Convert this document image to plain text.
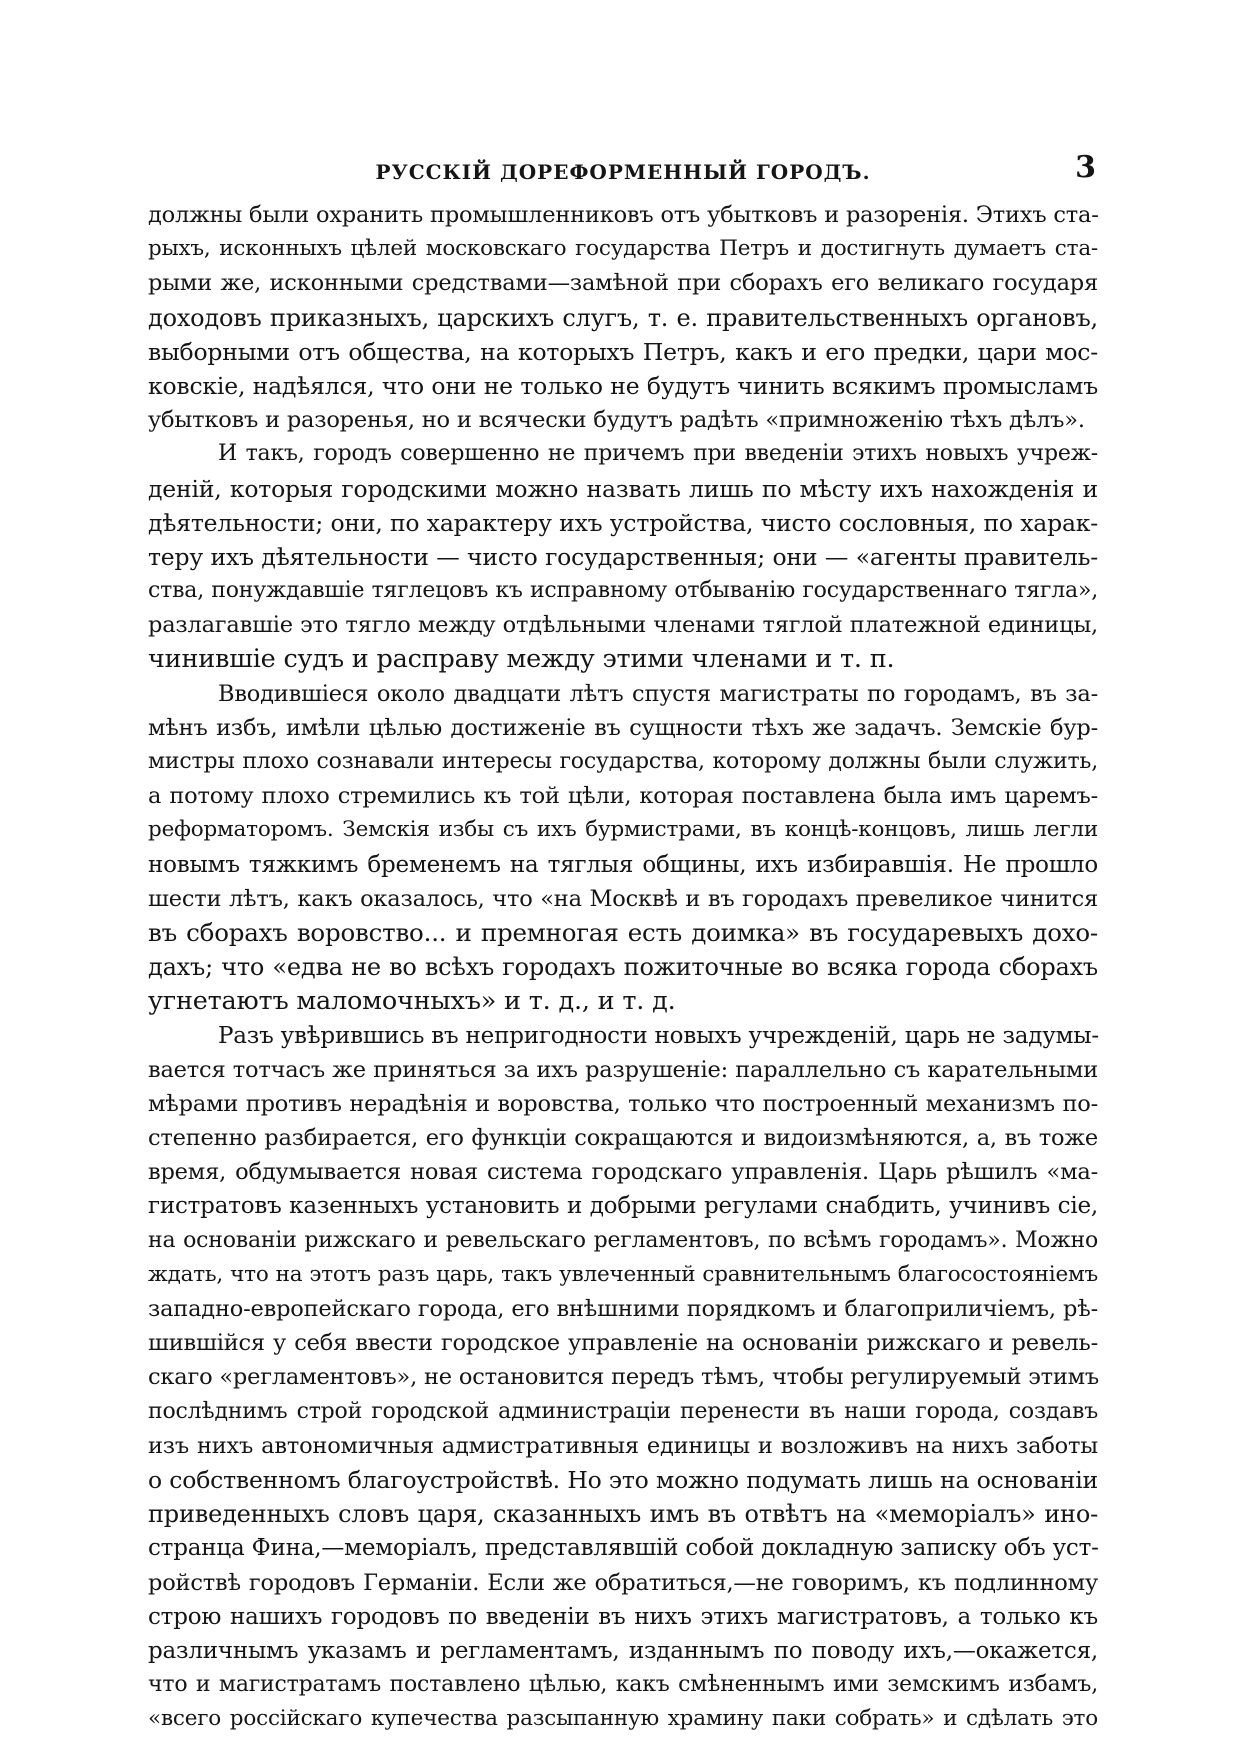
РУССКІЙ ДОРЕФОРМЕННЫЙ ГОРОДЪ.	3
должны были охранить промышленниковъ отъ убытковъ и разоренія. Этихъ ста-
рыхъ, исконныхъ цѣлей московскаго государства Петръ и достигнуть думаетъ ста-
рыми же, исконными средствами—замѣной при сборахъ его великаго государя
доходовъ приказныхъ, царскихъ слугъ, т. е. правительственныхъ органовъ,
выборными отъ общества, на которыхъ Петръ, какъ и его предки, цари мос-
ковскіе, надѣялся, что они не только не будутъ чинить всякимъ промысламъ
убытковъ и разоренья, но и всячески будутъ радѣть «примноженію тѣхъ дѣлъ».
И такъ, городъ совершенно не причемъ при введеніи этихъ новыхъ учреж-
деній, которыя городскими можно назвать лишь по мѣсту ихъ нахожденія и
дѣятельности; они, по характеру ихъ устройства, чисто сословныя, по харак-
теру ихъ дѣятельности — чисто государственныя; они — «агенты правитель-
ства, понуждавшіе тяглецовъ къ исправному отбыванію государственнаго тягла»,
разлагавшіе это тягло между отдѣльными членами тяглой платежной единицы,
чинившіе судъ и расправу между этими членами и т. п.
Вводившіеся около двадцати лѣтъ спустя магистраты по городамъ, въ за-
мѣнъ избъ, имѣли цѣлью достиженіе въ сущности тѣхъ же задачъ. Земскіе бур-
мистры плохо сознавали интересы государства, которому должны были служить,
а потому плохо стремились къ той цѣли, которая поставлена была имъ царемъ-
реформаторомъ. Земскія избы съ ихъ бурмистрами, въ концѣ-концовъ, лишь легли
новымъ тяжкимъ бременемъ на тяглыя общины, ихъ избиравшія. Не прошло
шести лѣтъ, какъ оказалось, что «на Москвѣ и въ городахъ превеликое чинится
въ сборахъ воровство... и премногая есть доимка» въ государевыхъ дохо-
дахъ; что «едва не во всѣхъ городахъ пожиточные во всяка города сборахъ
угнетаютъ маломочныхъ» и т. д., и т. д.
Разъ увѣрившись въ непригодности новыхъ учрежденій, царь не задумы-
вается тотчасъ же приняться за ихъ разрушеніе: параллельно съ карательными
мѣрами противъ нерадѣнія и воровства, только что построенный механизмъ по-
степенно разбирается, его функціи сокращаются и видоизмѣняются, а, въ тоже
время, обдумывается новая система городскаго управленія. Царь рѣшилъ «ма-
гистратовъ казенныхъ установить и добрыми регулами снабдить, учинивъ сіе,
на основаніи рижскаго и ревельскаго регламентовъ, по всѣмъ городамъ». Можно
ждать, что на этотъ разъ царь, такъ увлеченный сравнительнымъ благосостояніемъ
западно-европейскаго города, его внѣшними порядкомъ и благоприличіемъ, рѣ-
шившійся у себя ввести городское управленіе на основаніи рижскаго и ревель-
скаго «регламентовъ», не остановится передъ тѣмъ, чтобы регулируемый этимъ
послѣднимъ строй городской администраціи перенести въ наши города, создавъ
изъ нихъ автономичныя адмистративныя единицы и возложивъ на нихъ заботы
о собственномъ благоустройствѣ. Но это можно подумать лишь на основаніи
приведенныхъ словъ царя, сказанныхъ имъ въ отвѣтъ на «меморіалъ» ино-
странца Фина,—меморіалъ, представлявшій собой докладную записку объ уст-
ройствѣ городовъ Германіи. Если же обратиться,—не говоримъ, къ подлинному
строю нашихъ городовъ по введеніи въ нихъ этихъ магистратовъ, а только къ
различнымъ указамъ и регламентамъ, изданнымъ по поводу ихъ,—окажется,
что и магистратамъ поставлено цѣлью, какъ смѣненнымъ ими земскимъ избамъ,
«всего россійскаго купечества разсыпанную храмину паки собрать» и сдѣлать это
